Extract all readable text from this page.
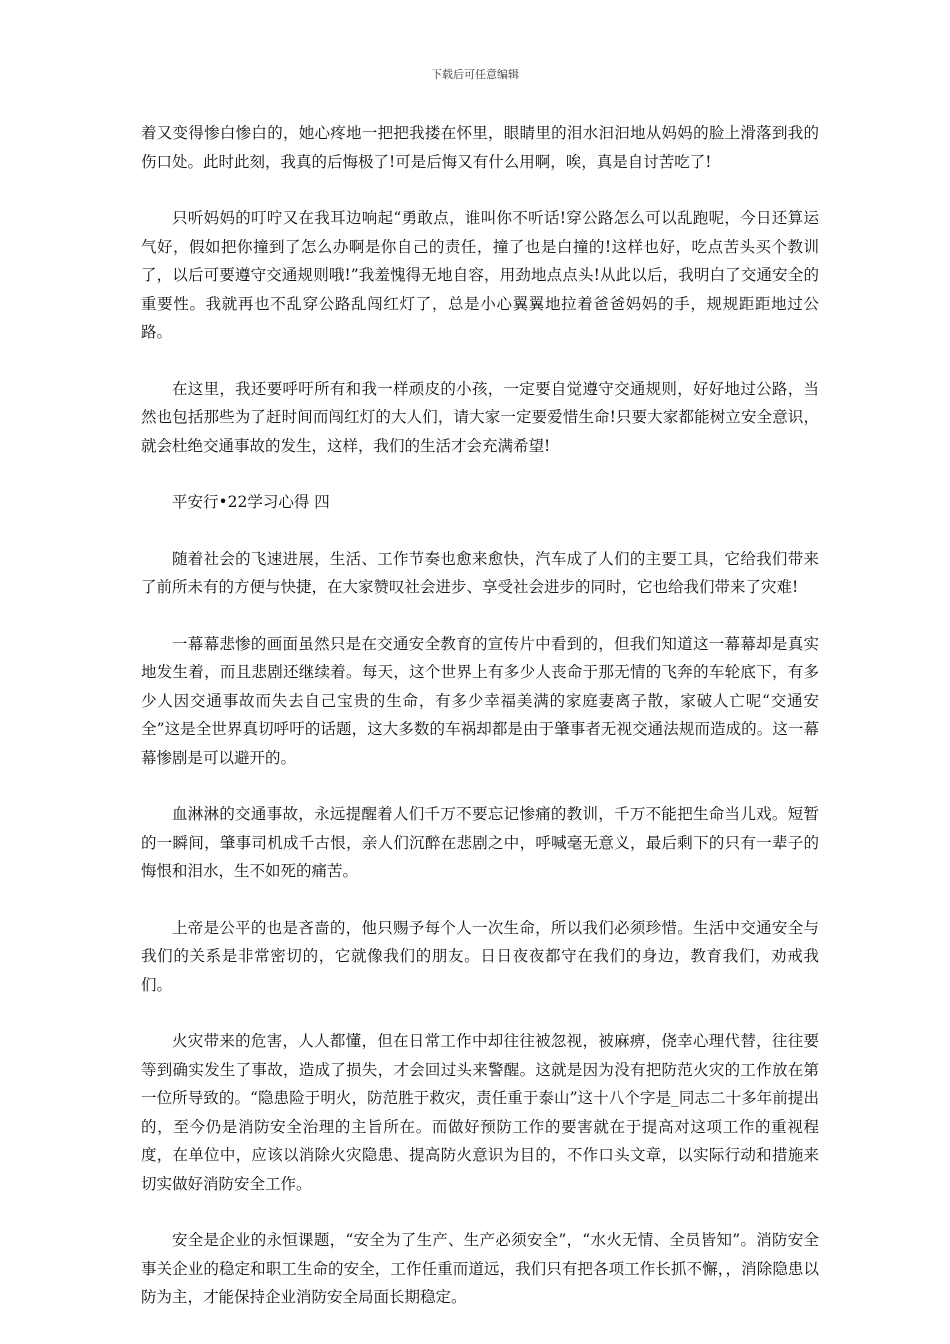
下载后可任意编辑

着又变得惨白惨白的，她心疼地一把把我搂在怀里，眼睛里的泪水汩汩地从妈妈的脸上滑落到我的伤口处。此时此刻，我真的后悔极了!可是后悔又有什么用啊，唉，真是自讨苦吃了!

只听妈妈的叮咛又在我耳边响起“勇敢点，谁叫你不听话!穿公路怎么可以乱跑呢，今日还算运气好，假如把你撞到了怎么办啊是你自己的责任，撞了也是白撞的!这样也好，吃点苦头买个教训了，以后可要遵守交通规则哦!”我羞愧得无地自容，用劲地点点头!从此以后，我明白了交通安全的重要性。我就再也不乱穿公路乱闯红灯了，总是小心翼翼地拉着爸爸妈妈的手，规规距距地过公路。

在这里，我还要呼吁所有和我一样顽皮的小孩，一定要自觉遵守交通规则，好好地过公路，当然也包括那些为了赶时间而闯红灯的大人们，请大家一定要爱惜生命!只要大家都能树立安全意识，就会杜绝交通事故的发生，这样，我们的生活才会充满希望!

平安行•22学习心得 四

随着社会的飞速进展，生活、工作节奏也愈来愈快，汽车成了人们的主要工具，它给我们带来了前所未有的方便与快捷，在大家赞叹社会进步、享受社会进步的同时，它也给我们带来了灾难!

一幕幕悲惨的画面虽然只是在交通安全教育的宣传片中看到的，但我们知道这一幕幕却是真实地发生着，而且悲剧还继续着。每天，这个世界上有多少人丧命于那无情的飞奔的车轮底下，有多少人因交通事故而失去自己宝贵的生命，有多少幸福美满的家庭妻离子散，家破人亡呢“交通安全”这是全世界真切呼吁的话题，这大多数的车祸却都是由于肇事者无视交通法规而造成的。这一幕幕惨剧是可以避开的。

血淋淋的交通事故，永远提醒着人们千万不要忘记惨痛的教训，千万不能把生命当儿戏。短暂的一瞬间，肇事司机成千古恨，亲人们沉醉在悲剧之中，呼喊毫无意义，最后剩下的只有一辈子的悔恨和泪水，生不如死的痛苦。

上帝是公平的也是吝啬的，他只赐予每个人一次生命，所以我们必须珍惜。生活中交通安全与我们的关系是非常密切的，它就像我们的朋友。日日夜夜都守在我们的身边，教育我们，劝戒我们。

火灾带来的危害，人人都懂，但在日常工作中却往往被忽视，被麻痹，侥幸心理代替，往往要等到确实发生了事故，造成了损失，才会回过头来警醒。这就是因为没有把防范火灾的工作放在第一位所导致的。“隐患险于明火，防范胜于救灾，责任重于泰山”这十八个字是_同志二十多年前提出的，至今仍是消防安全治理的主旨所在。而做好预防工作的要害就在于提高对这项工作的重视程度，在单位中，应该以消除火灾隐患、提高防火意识为目的，不作口头文章，以实际行动和措施来切实做好消防安全工作。

安全是企业的永恒课题，“安全为了生产、生产必须安全”，“水火无情、全员皆知”。消防安全事关企业的稳定和职工生命的安全，工作任重而道远，我们只有把各项工作长抓不懈，，消除隐患以防为主，才能保持企业消防安全局面长期稳定。
